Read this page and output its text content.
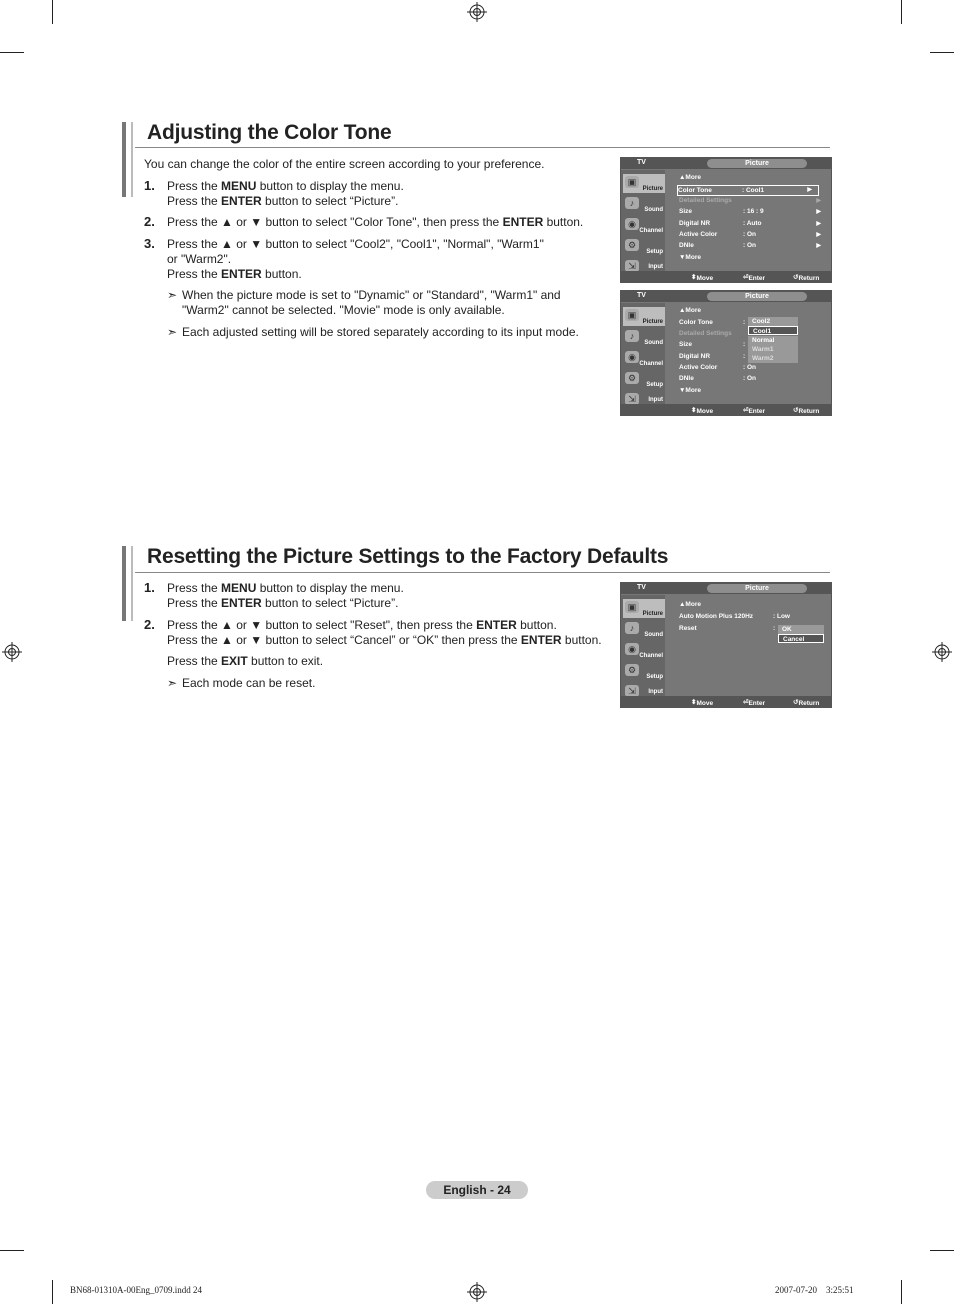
Adjusting the Color Tone
You can change the color of the entire screen according to your preference.
1. Press the MENU button to display the menu.
Press the ENTER button to select “Picture”.
2. Press the ▲ or ▼ button to select "Color Tone", then press the ENTER button.
3. Press the ▲ or ▼ button to select "Cool2", "Cool1", "Normal", "Warm1"
or "Warm2".
Press the ENTER button.
➣ When the picture mode is set to "Dynamic" or "Standard", "Warm1" and
"Warm2" cannot be selected. "Movie" mode is only available.
➣ Each adjusted setting will be stored separately according to its input mode.
TV	Picture
▣
Picture
♪
Sound
◉
Channel
⚙
Setup
⇲	Input
▲More
Color Tone	: Cool1	▶
Detailed Settings	▶
Size	: 16 : 9	▶
Digital NR	: Auto	▶
Active Color	: On	▶
DNIe	: On	▶
▼More
⬍ Move	⏎ Enter	↺ Return
TV	Picture
▣
Picture
♪
Sound
◉
Channel
⚙
Setup
⇲	Input
▲More
Color Tone	:
Detailed Settings
Size	:
Digital NR	:
Active Color	: On
DNIe	: On
▼More
Cool2
Cool1
Normal
Warm1
Warm2
⬍ Move	⏎ Enter	↺ Return
Resetting the Picture Settings to the Factory Defaults
1. Press the MENU button to display the menu.
Press the ENTER button to select “Picture”.
2. Press the ▲ or ▼ button to select "Reset", then press the ENTER button.
Press the ▲ or ▼ button to select “Cancel” or “OK” then press the ENTER button.
Press the EXIT button to exit.
➣ Each mode can be reset.
TV	Picture
▣
Picture
♪
Sound
◉
Channel
⚙
Setup
⇲	Input
▲More
Auto Motion Plus 120Hz	: Low
Reset	:	OK
Cancel
⬍ Move	⏎ Enter	↺ Return
English - 24
BN68-01310A-00Eng_0709.indd 24	2007-07-20    3:25:51
